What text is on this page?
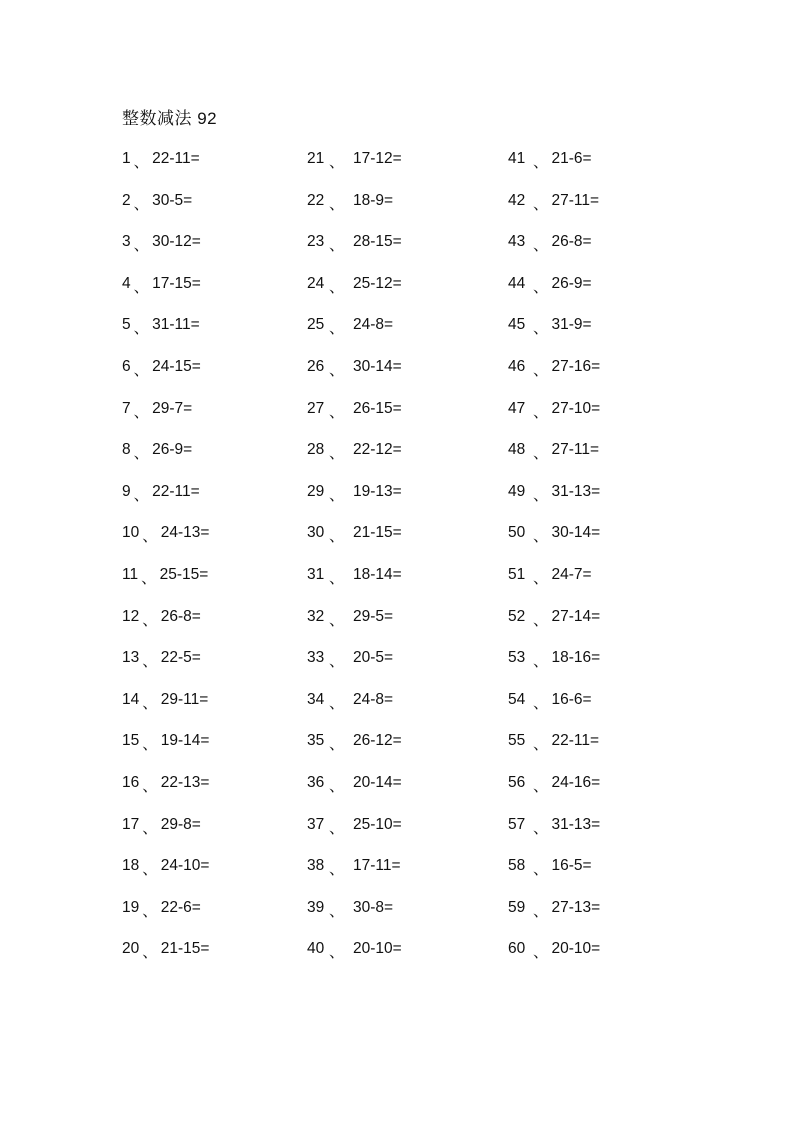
整数减法 92
1 、 22-11=
2 、 30-5=
3 、 30-12=
4 、 17-15=
5 、 31-11=
6 、 24-15=
7 、 29-7=
8 、 26-9=
9 、 22-11=
10 、 24-13=
11 、 25-15=
12 、 26-8=
13 、 22-5=
14 、 29-11=
15 、 19-14=
16 、 22-13=
17 、 29-8=
18 、 24-10=
19 、 22-6=
20 、 21-15=
21 、 17-12=
22 、 18-9=
23 、 28-15=
24 、 25-12=
25 、 24-8=
26 、 30-14=
27 、 26-15=
28 、 22-12=
29 、 19-13=
30 、 21-15=
31 、 18-14=
32 、 29-5=
33 、 20-5=
34 、 24-8=
35 、 26-12=
36 、 20-14=
37 、 25-10=
38 、 17-11=
39 、 30-8=
40 、 20-10=
41 、 21-6=
42 、 27-11=
43 、 26-8=
44 、 26-9=
45 、 31-9=
46 、 27-16=
47 、 27-10=
48 、 27-11=
49 、 31-13=
50 、 30-14=
51 、 24-7=
52 、 27-14=
53 、 18-16=
54 、 16-6=
55 、 22-11=
56 、 24-16=
57 、 31-13=
58 、 16-5=
59 、 27-13=
60 、 20-10=
